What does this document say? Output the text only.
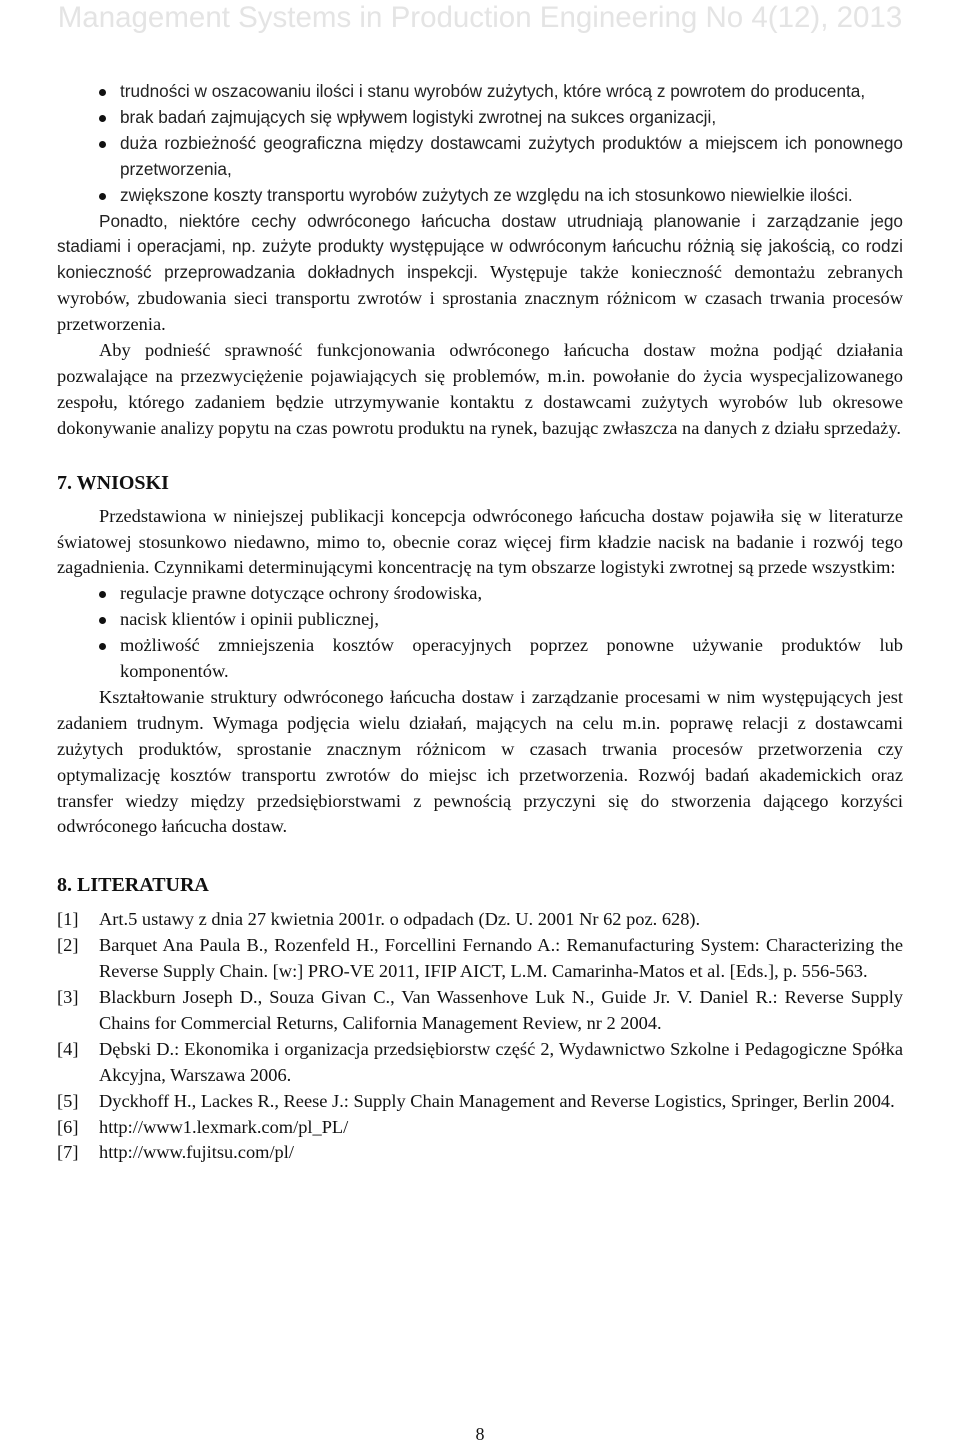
Management Systems in Production Engineering No 4(12), 2013
trudności w oszacowaniu ilości i stanu wyrobów zużytych, które wrócą z powrotem do producenta,
brak badań zajmujących się wpływem logistyki zwrotnej na sukces organizacji,
duża rozbieżność geograficzna między dostawcami zużytych produktów a miejscem ich ponownego przetworzenia,
zwiększone koszty transportu wyrobów zużytych ze względu na ich stosunkowo niewielkie ilości.

Ponadto, niektóre cechy odwróconego łańcucha dostaw utrudniają planowanie i zarządzanie jego stadiami i operacjami, np. zużyte produkty występujące w odwróconym łańcuchu różnią się jakością, co rodzi konieczność przeprowadzania dokładnych inspekcji. Występuje także konieczność demontażu zebranych wyrobów, zbudowania sieci transportu zwrotów i sprostania znacznym różnicom w czasach trwania procesów przetworzenia.

Aby podnieść sprawność funkcjonowania odwróconego łańcucha dostaw można podjąć działania pozwalające na przezwyciężenie pojawiających się problemów, m.in. powołanie do życia wyspecjalizowanego zespołu, którego zadaniem będzie utrzymywanie kontaktu z dostawcami zużytych wyrobów lub okresowe dokonywanie analizy popytu na czas powrotu produktu na rynek, bazując zwłaszcza na danych z działu sprzedaży.

7. WNIOSKI

Przedstawiona w niniejszej publikacji koncepcja odwróconego łańcucha dostaw pojawiła się w literaturze światowej stosunkowo niedawno, mimo to, obecnie coraz więcej firm kładzie nacisk na badanie i rozwój tego zagadnienia. Czynnikami determinującymi koncentrację na tym obszarze logistyki zwrotnej są przede wszystkim:

regulacje prawne dotyczące ochrony środowiska,
nacisk klientów i opinii publicznej,
możliwość zmniejszenia kosztów operacyjnych poprzez ponowne używanie produktów lub komponentów.

Kształtowanie struktury odwróconego łańcucha dostaw i zarządzanie procesami w nim występujących jest zadaniem trudnym. Wymaga podjęcia wielu działań, mających na celu m.in. poprawę relacji z dostawcami zużytych produktów, sprostanie znacznym różnicom w czasach trwania procesów przetworzenia czy optymalizację kosztów transportu zwrotów do miejsc ich przetworzenia. Rozwój badań akademickich oraz transfer wiedzy między przedsiębiorstwami z pewnością przyczyni się do stworzenia dającego korzyści odwróconego łańcucha dostaw.

8. LITERATURA
[1] Art.5 ustawy z dnia 27 kwietnia 2001r. o odpadach (Dz. U. 2001 Nr 62 poz. 628).
[2] Barquet Ana Paula B., Rozenfeld H., Forcellini Fernando A.: Remanufacturing System: Characterizing the Reverse Supply Chain. [w:] PRO-VE 2011, IFIP AICT, L.M. Camarinha-Matos et al. [Eds.], p. 556-563.
[3] Blackburn Joseph D., Souza Givan C., Van Wassenhove Luk N., Guide Jr. V. Daniel R.: Reverse Supply Chains for Commercial Returns, California Management Review, nr 2 2004.
[4] Dębski D.: Ekonomika i organizacja przedsiębiorstw część 2, Wydawnictwo Szkolne i Pedagogiczne Spółka Akcyjna, Warszawa 2006.
[5] Dyckhoff H., Lackes R., Reese J.: Supply Chain Management and Reverse Logistics, Springer, Berlin 2004.
[6] http://www1.lexmark.com/pl_PL/
[7] http://www.fujitsu.com/pl/
8
